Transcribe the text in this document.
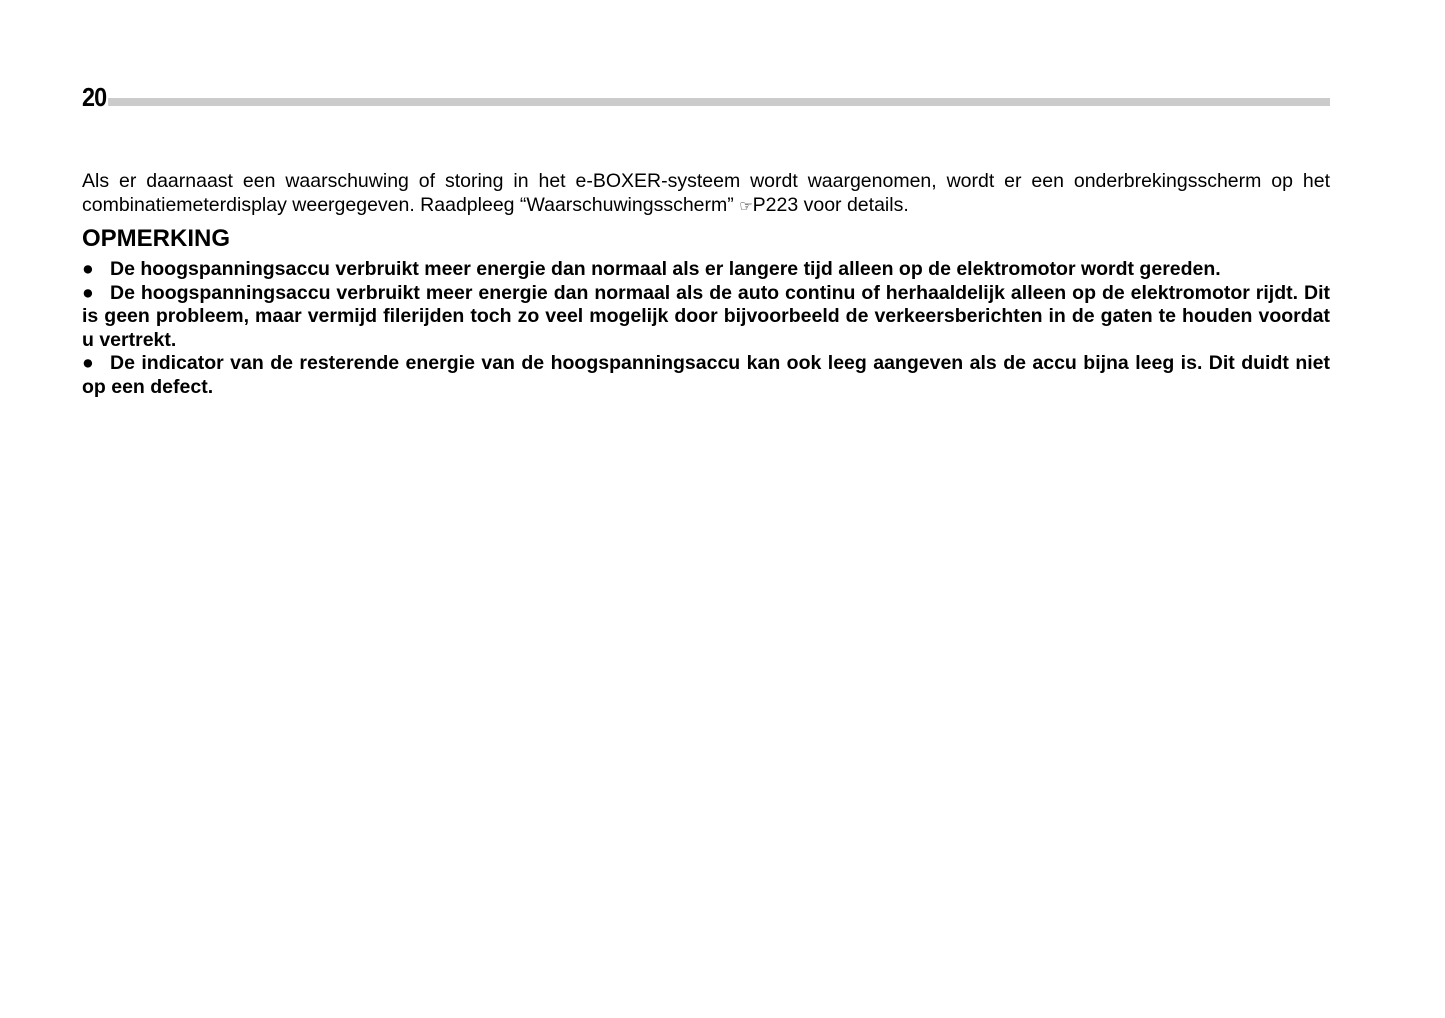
20

Als er daarnaast een waarschuwing of storing in het e-BOXER-systeem wordt waargenomen, wordt er een onderbrekingsscherm op het combinatiemeterdisplay weergegeven. Raadpleeg “Waarschuwingsscherm” ☞P223 voor details.

OPMERKING

● De hoogspanningsaccu verbruikt meer energie dan normaal als er langere tijd alleen op de elektromotor wordt gereden.

● De hoogspanningsaccu verbruikt meer energie dan normaal als de auto continu of herhaaldelijk alleen op de elektromotor rijdt. Dit is geen probleem, maar vermijd filerijden toch zo veel mogelijk door bijvoorbeeld de verkeersberichten in de gaten te houden voordat u vertrekt.

● De indicator van de resterende energie van de hoogspanningsaccu kan ook leeg aangeven als de accu bijna leeg is. Dit duidt niet op een defect.
